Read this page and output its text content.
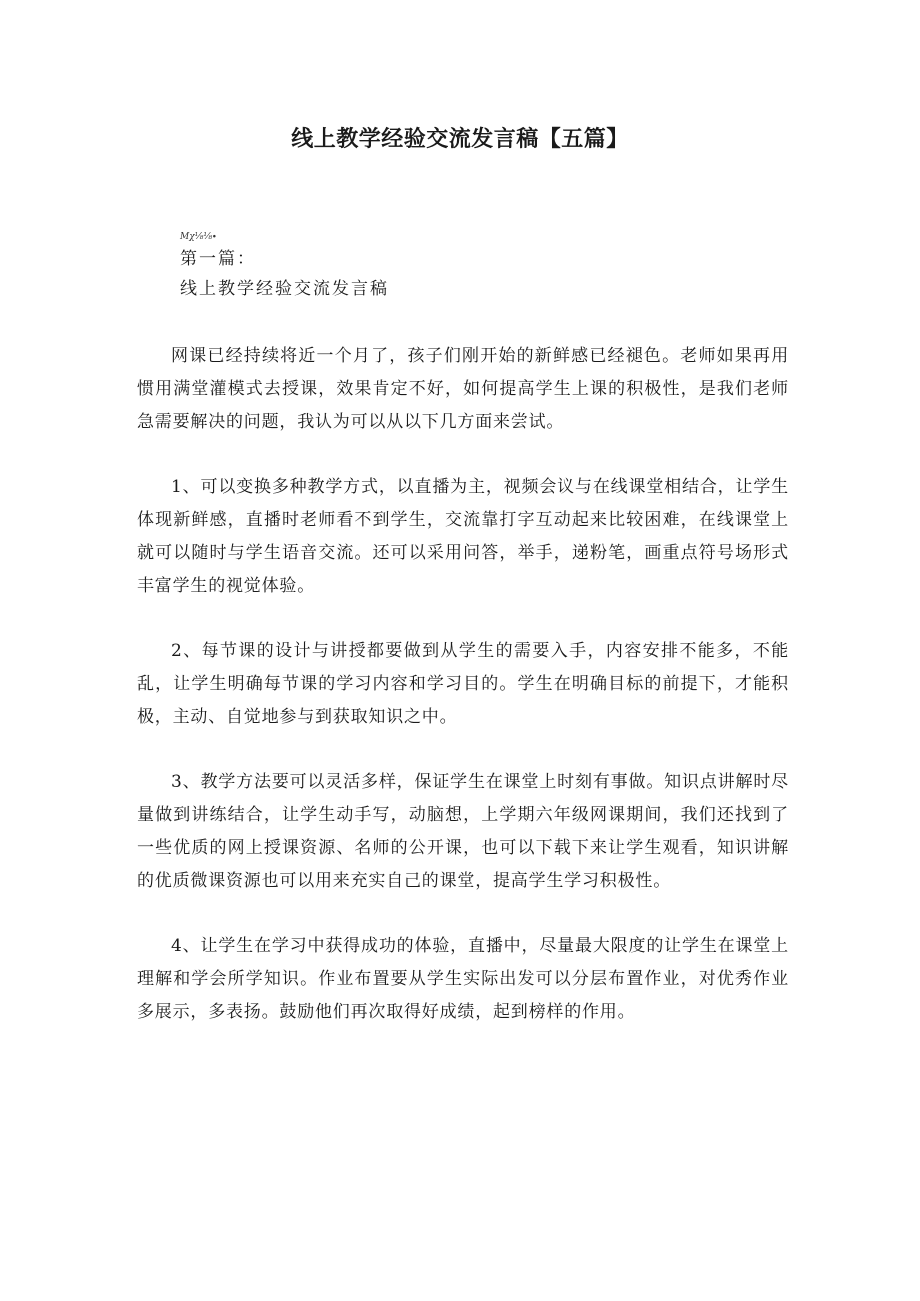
线上教学经验交流发言稿【五篇】
Mχ⅛⅛∙

第一篇：

线上教学经验交流发言稿

网课已经持续将近一个月了，孩子们刚开始的新鲜感已经褪色。老师如果再用惯用满堂灌模式去授课，效果肯定不好，如何提高学生上课的积极性，是我们老师急需要解决的问题，我认为可以从以下几方面来尝试。

1、可以变换多种教学方式，以直播为主，视频会议与在线课堂相结合，让学生体现新鲜感，直播时老师看不到学生，交流靠打字互动起来比较困难，在线课堂上就可以随时与学生语音交流。还可以采用问答，举手，递粉笔，画重点符号场形式丰富学生的视觉体验。

2、每节课的设计与讲授都要做到从学生的需要入手，内容安排不能多，不能乱，让学生明确每节课的学习内容和学习目的。学生在明确目标的前提下，才能积极，主动、自觉地参与到获取知识之中。

3、教学方法要可以灵活多样，保证学生在课堂上时刻有事做。知识点讲解时尽量做到讲练结合，让学生动手写，动脑想，上学期六年级网课期间，我们还找到了一些优质的网上授课资源、名师的公开课，也可以下载下来让学生观看，知识讲解的优质微课资源也可以用来充实自己的课堂，提高学生学习积极性。

4、让学生在学习中获得成功的体验，直播中，尽量最大限度的让学生在课堂上理解和学会所学知识。作业布置要从学生实际出发可以分层布置作业，对优秀作业多展示，多表扬。鼓励他们再次取得好成绩，起到榜样的作用。
